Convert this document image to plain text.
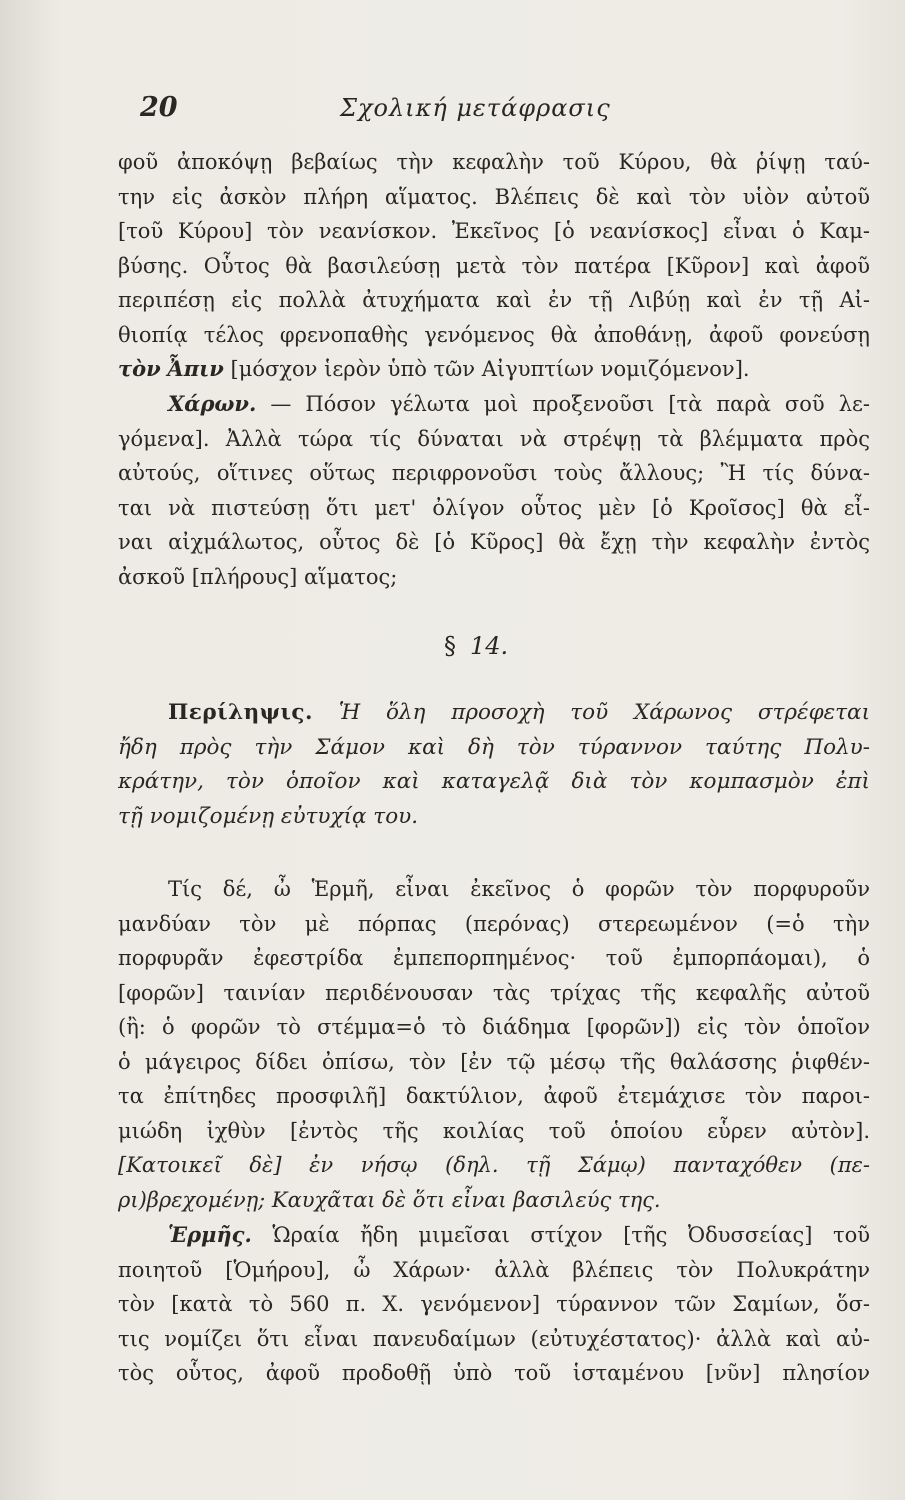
20	Σχολική μετάφρασις
φοῦ ἀποκόψῃ βεβαίως τὴν κεφαλὴν τοῦ Κύρου, θὰ ῥίψῃ ταύ-
την εἰς ἀσκὸν πλήρη αἵματος. Βλέπεις δὲ καὶ τὸν υἱὸν αὐτοῦ
[τοῦ Κύρου] τὸν νεανίσκον. Ἐκεῖνος [ὁ νεανίσκος] εἶναι ὁ Καμ-
βύσης. Οὗτος θὰ βασιλεύσῃ μετὰ τὸν πατέρα [Κῦρον] καὶ ἀφοῦ
περιπέσῃ εἰς πολλὰ ἀτυχήματα καὶ ἐν τῇ Λιβύῃ καὶ ἐν τῇ Αἰ-
θιοπίᾳ τέλος φρενοπαθὴς γενόμενος θὰ ἀποθάνῃ, ἀφοῦ φονεύσῃ
τὸν Ἆπιν [μόσχον ἱερὸν ὑπὸ τῶν Αἰγυπτίων νομιζόμενον].
Χάρων. — Πόσον γέλωτα μοὶ προξενοῦσι [τὰ παρὰ σοῦ λε-
γόμενα]. Ἀλλὰ τώρα τίς δύναται νὰ στρέψῃ τὰ βλέμματα πρὸς
αὐτούς, οἵτινες οὕτως περιφρονοῦσι τοὺς ἄλλους; Ἢ τίς δύνα-
ται νὰ πιστεύσῃ ὅτι μετ' ὀλίγον οὗτος μὲν [ὁ Κροῖσος] θὰ εἶ-
ναι αἰχμάλωτος, οὗτος δὲ [ὁ Κῦρος] θὰ ἔχῃ τὴν κεφαλὴν ἐντὸς
ἀσκοῦ [πλήρους] αἵματος;
§ 14.
Περίληψις. Ἡ ὅλη προσοχὴ τοῦ Χάρωνος στρέφεται
ἤδη πρὸς τὴν Σάμον καὶ δὴ τὸν τύραννον ταύτης Πολυ-
κράτην, τὸν ὁποῖον καὶ καταγελᾷ διὰ τὸν κομπασμὸν ἐπὶ
τῇ νομιζομένῃ εὐτυχίᾳ του.
Τίς δέ, ὦ Ἑρμῆ, εἶναι ἐκεῖνος ὁ φορῶν τὸν πορφυροῦν
μανδύαν τὸν μὲ πόρπας (περόνας) στερεωμένον (=ὁ τὴν
πορφυρᾶν ἐφεστρίδα ἐμπεπορπημένος· τοῦ ἐμπορπάομαι), ὁ
[φορῶν] ταινίαν περιδένουσαν τὰς τρίχας τῆς κεφαλῆς αὐτοῦ
(ἢ: ὁ φορῶν τὸ στέμμα=ὁ τὸ διάδημα [φορῶν]) εἰς τὸν ὁποῖον
ὁ μάγειρος δίδει ὀπίσω, τὸν [ἐν τῷ μέσῳ τῆς θαλάσσης ῥιφθέν-
τα ἐπίτηδες προσφιλῆ] δακτύλιον, ἀφοῦ ἐτεμάχισε τὸν παροι-
μιώδη ἰχθὺν [ἐντὸς τῆς κοιλίας τοῦ ὁποίου εὗρεν αὐτὸν].
[Κατοικεῖ δὲ] ἐν νήσῳ (δηλ. τῇ Σάμῳ) πανταχόθεν (πε-
ρι)βρεχομένῃ; Καυχᾶται δὲ ὅτι εἶναι βασιλεύς της.
Ἑρμῆς. Ὡραία ἤδη μιμεῖσαι στίχον [τῆς Ὀδυσσείας] τοῦ
ποιητοῦ [Ὁμήρου], ὦ Χάρων· ἀλλὰ βλέπεις τὸν Πολυκράτην
τὸν [κατὰ τὸ 560 π. Χ. γενόμενον] τύραννον τῶν Σαμίων, ὅσ-
τις νομίζει ὅτι εἶναι πανευδαίμων (εὐτυχέστατος)· ἀλλὰ καὶ αὐ-
τὸς οὗτος, ἀφοῦ προδοθῇ ὑπὸ τοῦ ἱσταμένου [νῦν] πλησίον
